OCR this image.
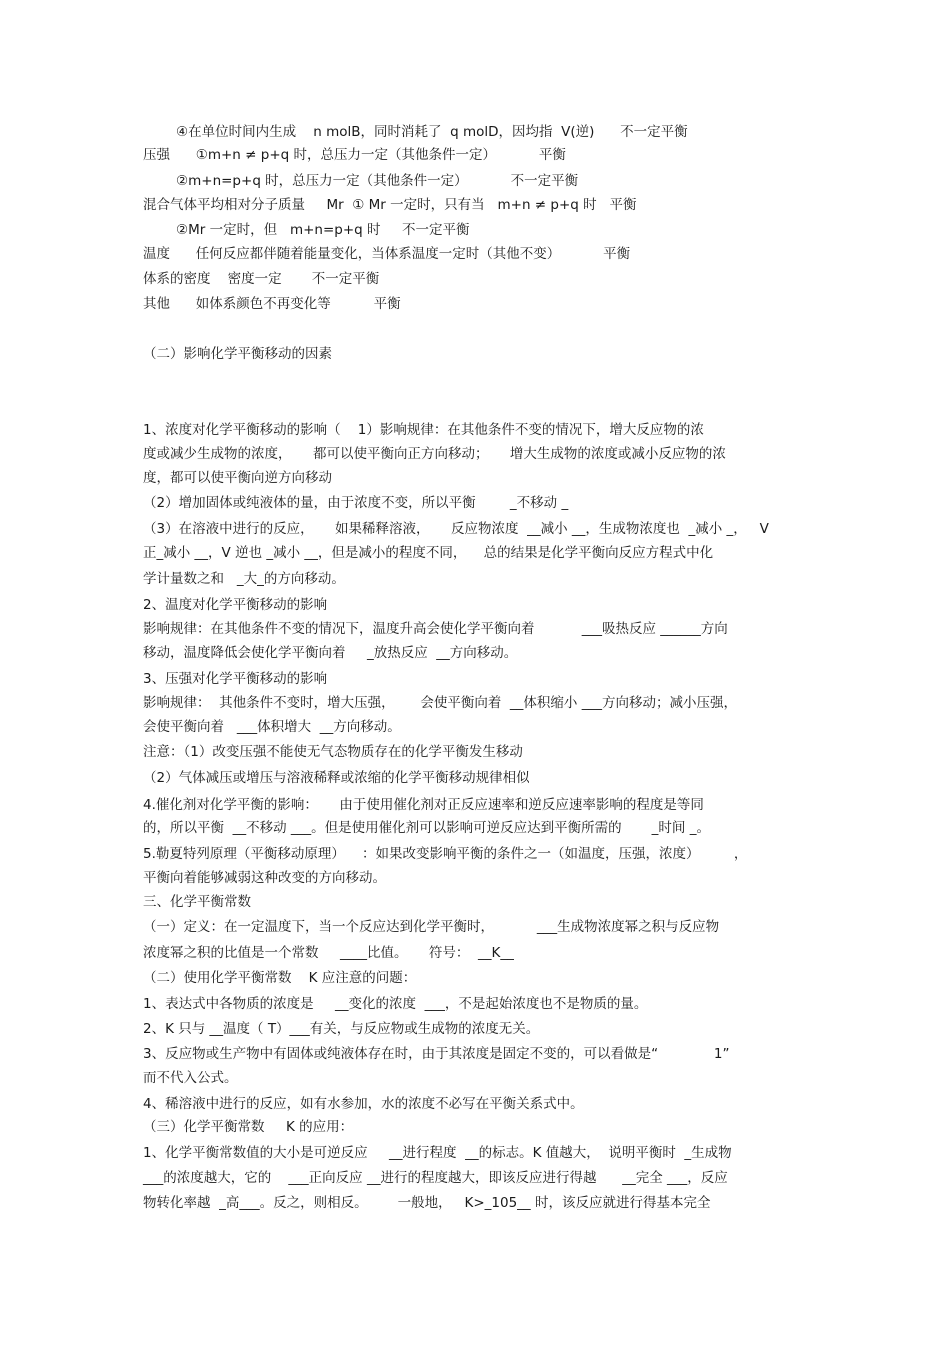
④在单位时间内生成    n molB，同时消耗了  q molD，因均指  V(逆)      不一定平衡
压强      ①m+n ≠ p+q 时，总压力一定（其他条件一定）          平衡
②m+n=p+q 时，总压力一定（其他条件一定）          不一定平衡
混合气体平均相对分子质量     Mr  ① Mr 一定时，只有当   m+n ≠ p+q 时   平衡
②Mr 一定时，但   m+n=p+q 时     不一定平衡
温度      任何反应都伴随着能量变化，当体系温度一定时（其他不变）          平衡
体系的密度    密度一定       不一定平衡
其他      如体系颜色不再变化等          平衡
（二）影响化学平衡移动的因素
1、浓度对化学平衡移动的影响（    1）影响规律：在其他条件不变的情况下，增大反应物的浓
度或减少生成物的浓度，     都可以使平衡向正方向移动；     增大生成物的浓度或减小反应物的浓
度，都可以使平衡向逆方向移动
（2）增加固体或纯液体的量，由于浓度不变，所以平衡        _不移动 _
（3）在溶液中进行的反应，     如果稀释溶液，     反应物浓度  __减小 __，生成物浓度也  _减小 _，   V
正_减小 __，V 逆也 _减小 __，但是减小的程度不同，    总的结果是化学平衡向反应方程式中化
学计量数之和   _大_的方向移动。
2、温度对化学平衡移动的影响
影响规律：在其他条件不变的情况下，温度升高会使化学平衡向着           ___吸热反应 ______方向
移动，温度降低会使化学平衡向着     _放热反应  __方向移动。
3、压强对化学平衡移动的影响
影响规律：  其他条件不变时，增大压强，      会使平衡向着  __体积缩小 ___方向移动；减小压强，
会使平衡向着   ___体积增大  __方向移动。
注意：（1）改变压强不能使无气态物质存在的化学平衡发生移动
（2）气体减压或增压与溶液稀释或浓缩的化学平衡移动规律相似
4.催化剂对化学平衡的影响：     由于使用催化剂对正反应速率和逆反应速率影响的程度是等同
的，所以平衡  __不移动 ___。但是使用催化剂可以影响可逆反应达到平衡所需的       _时间 _。
5.勒夏特列原理（平衡移动原理）    ：如果改变影响平衡的条件之一（如温度，压强，浓度）        ，
平衡向着能够减弱这种改变的方向移动。
三、化学平衡常数
（一）定义：在一定温度下，当一个反应达到化学平衡时，          ___生成物浓度幂之积与反应物
浓度幂之积的比值是一个常数     ____比值。     符号：  __K__
（二）使用化学平衡常数    K 应注意的问题：
1、表达式中各物质的浓度是     __变化的浓度  ___，不是起始浓度也不是物质的量。
2、K 只与 __温度（ T）___有关，与反应物或生成物的浓度无关。
3、反应物或生产物中有固体或纯液体存在时，由于其浓度是固定不变的，可以看做是“             1”
而不代入公式。
4、稀溶液中进行的反应，如有水参加，水的浓度不必写在平衡关系式中。
（三）化学平衡常数     K 的应用：
1、化学平衡常数值的大小是可逆反应     __进行程度  __的标志。K 值越大，  说明平衡时  _生成物
___的浓度越大，它的    ___正向反应 __进行的程度越大，即该反应进行得越      __完全 ___，反应
物转化率越  _高___。反之，则相反。       一般地，   K>_105__ 时，该反应就进行得基本完全
